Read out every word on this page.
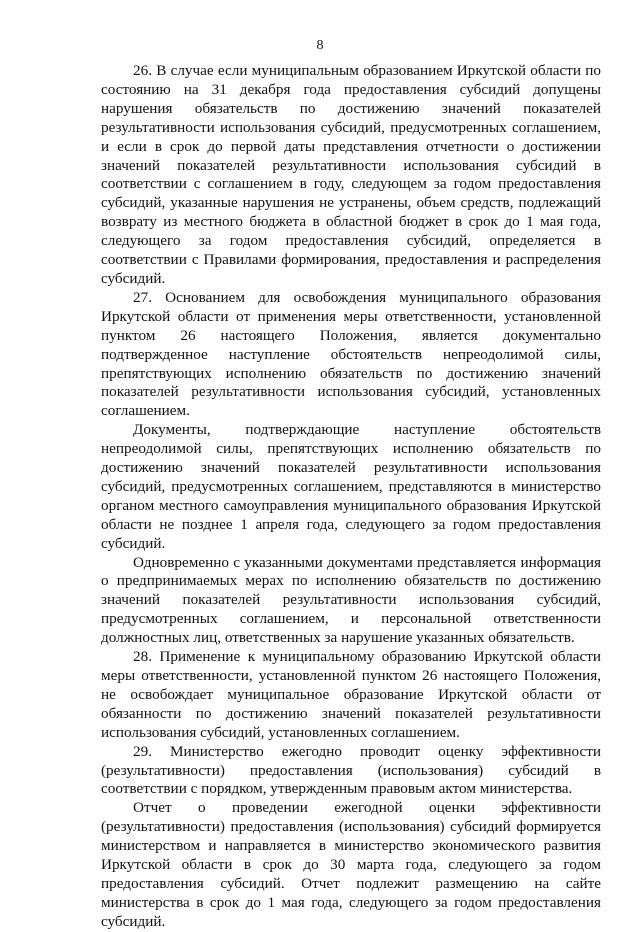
8

26. В случае если муниципальным образованием Иркутской области по состоянию на 31 декабря года предоставления субсидий допущены нарушения обязательств по достижению значений показателей результативности использования субсидий, предусмотренных соглашением, и если в срок до первой даты представления отчетности о достижении значений показателей результативности использования субсидий в соответствии с соглашением в году, следующем за годом предоставления субсидий, указанные нарушения не устранены, объем средств, подлежащий возврату из местного бюджета в областной бюджет в срок до 1 мая года, следующего за годом предоставления субсидий, определяется в соответствии с Правилами формирования, предоставления и распределения субсидий.

27. Основанием для освобождения муниципального образования Иркутской области от применения меры ответственности, установленной пунктом 26 настоящего Положения, является документально подтвержденное наступление обстоятельств непреодолимой силы, препятствующих исполнению обязательств по достижению значений показателей результативности использования субсидий, установленных соглашением.

Документы, подтверждающие наступление обстоятельств непреодолимой силы, препятствующих исполнению обязательств по достижению значений показателей результативности использования субсидий, предусмотренных соглашением, представляются в министерство органом местного самоуправления муниципального образования Иркутской области не позднее 1 апреля года, следующего за годом предоставления субсидий.

Одновременно с указанными документами представляется информация о предпринимаемых мерах по исполнению обязательств по достижению значений показателей результативности использования субсидий, предусмотренных соглашением, и персональной ответственности должностных лиц, ответственных за нарушение указанных обязательств.

28. Применение к муниципальному образованию Иркутской области меры ответственности, установленной пунктом 26 настоящего Положения, не освобождает муниципальное образование Иркутской области от обязанности по достижению значений показателей результативности использования субсидий, установленных соглашением.

29. Министерство ежегодно проводит оценку эффективности (результативности) предоставления (использования) субсидий в соответствии с порядком, утвержденным правовым актом министерства.

Отчет о проведении ежегодной оценки эффективности (результативности) предоставления (использования) субсидий формируется министерством и направляется в министерство экономического развития Иркутской области в срок до 30 марта года, следующего за годом предоставления субсидий. Отчет подлежит размещению на сайте министерства в срок до 1 мая года, следующего за годом предоставления субсидий.
